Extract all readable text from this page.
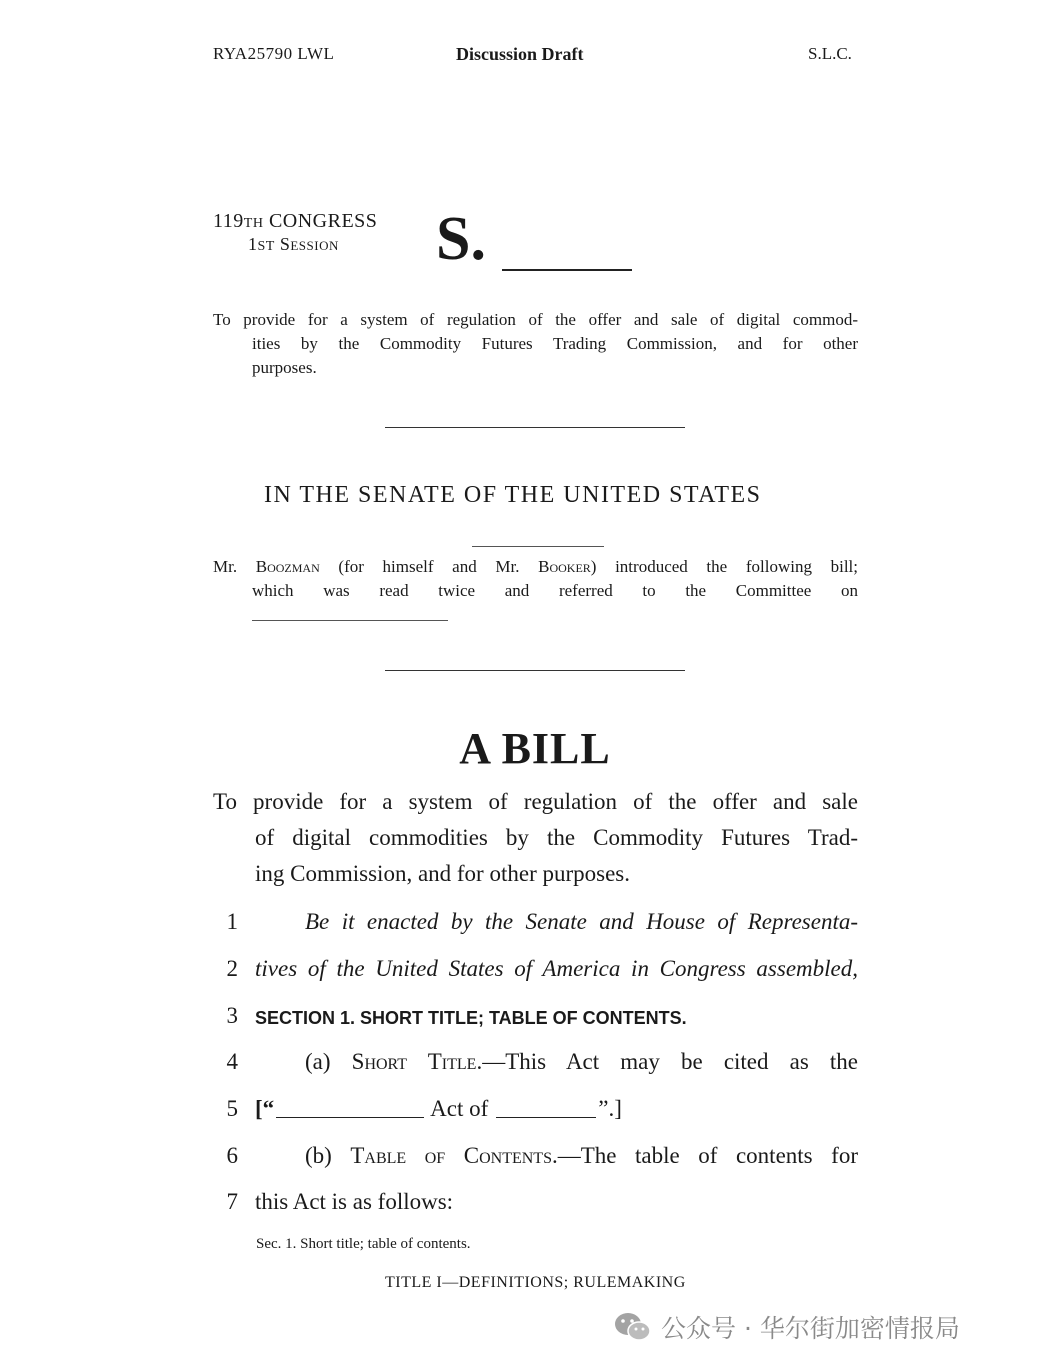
RYA25790 LWL	Discussion Draft	S.L.C.
119TH CONGRESS
1ST Session S.
To provide for a system of regulation of the offer and sale of digital commod-
ities by the Commodity Futures Trading Commission, and for other
purposes.
IN THE SENATE OF THE UNITED STATES
Mr. Boozman (for himself and Mr. Booker) introduced the following bill;
which was read twice and referred to the Committee on
A BILL
To provide for a system of regulation of the offer and sale
of digital commodities by the Commodity Futures Trad-
ing Commission, and for other purposes.
1	Be it enacted by the Senate and House of Representa-
2 tives of the United States of America in Congress assembled,
3 SECTION 1. SHORT TITLE; TABLE OF CONTENTS.
4	(a) Short Title.—This Act may be cited as the
5 [“	Act of	”.]
6	(b) Table of Contents.—The table of contents for
7 this Act is as follows:
Sec. 1. Short title; table of contents.
TITLE I—DEFINITIONS; RULEMAKING
公众号 · 华尔街加密情报局
